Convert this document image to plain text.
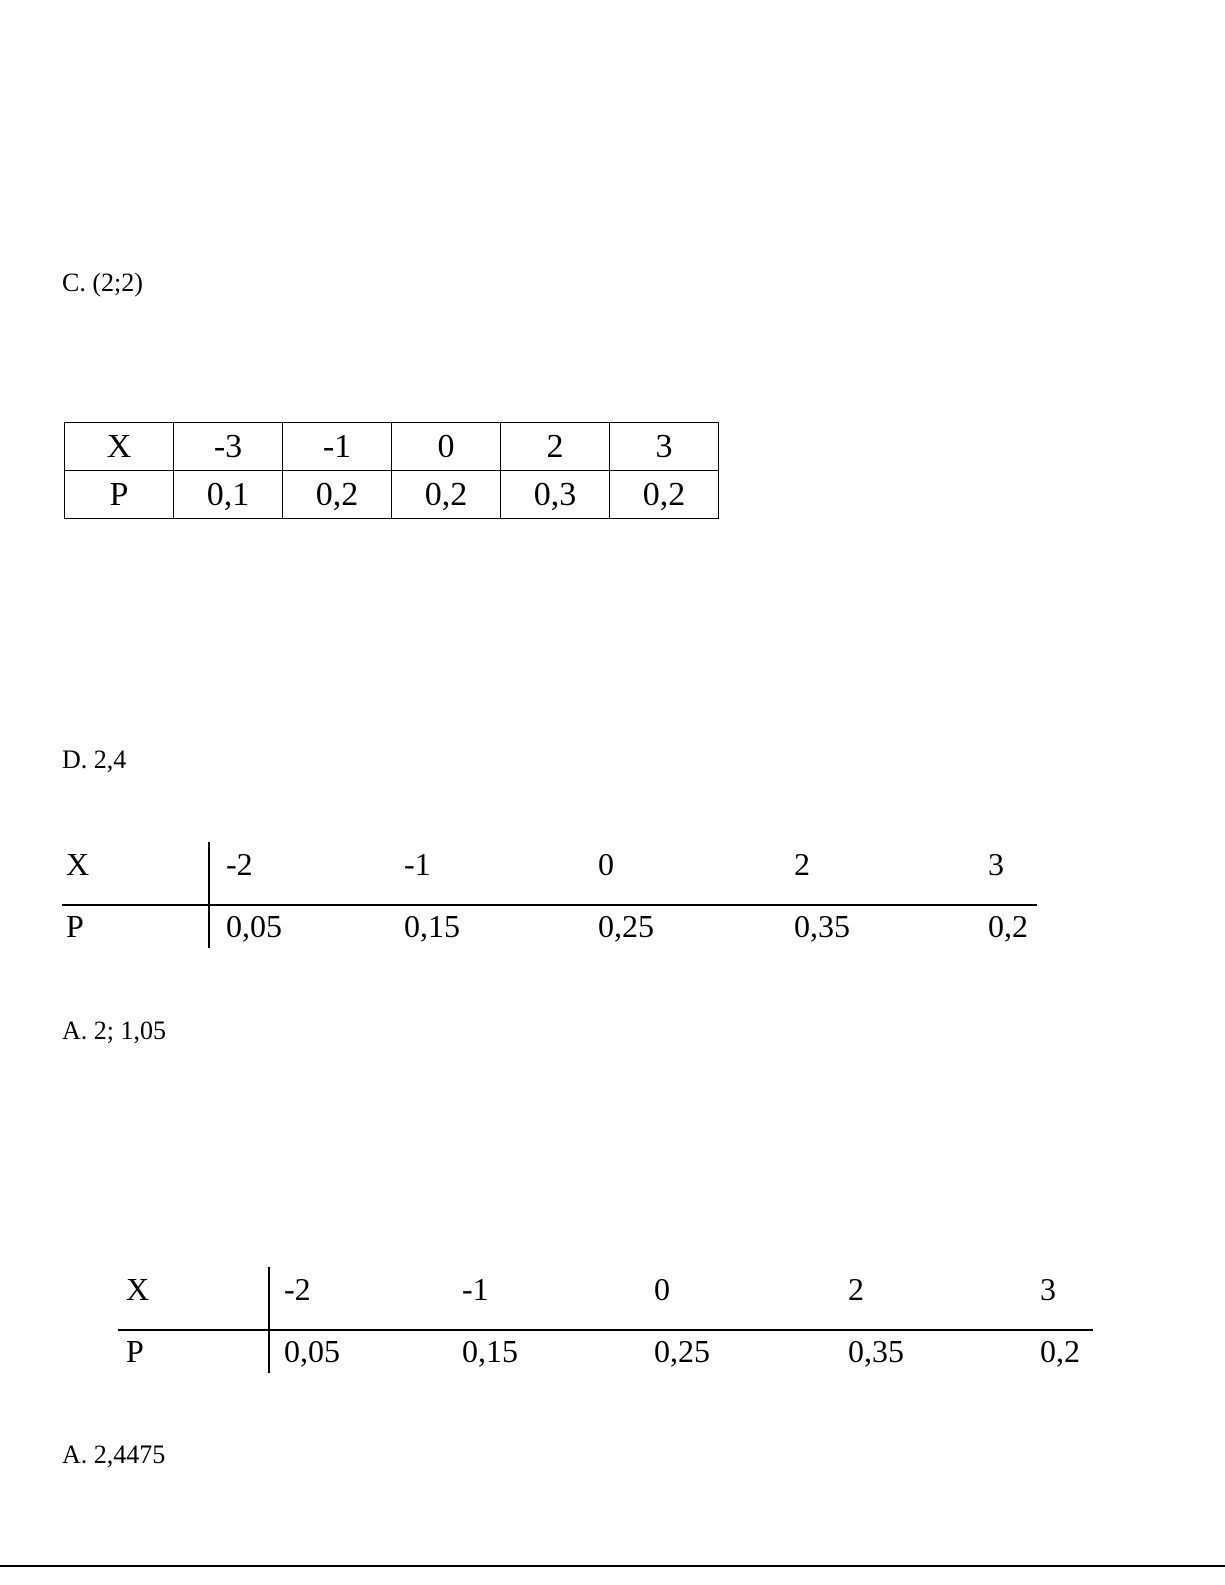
C. (2;2)
X	-3	-1	0	2	3
P	0,1	0,2	0,2	0,3	0,2
D. 2,4
X	-2	-1	0	2	3
P	0,05	0,15	0,25	0,35	0,2
A. 2; 1,05
X	-2	-1	0	2	3
P	0,05	0,15	0,25	0,35	0,2
A. 2,4475
